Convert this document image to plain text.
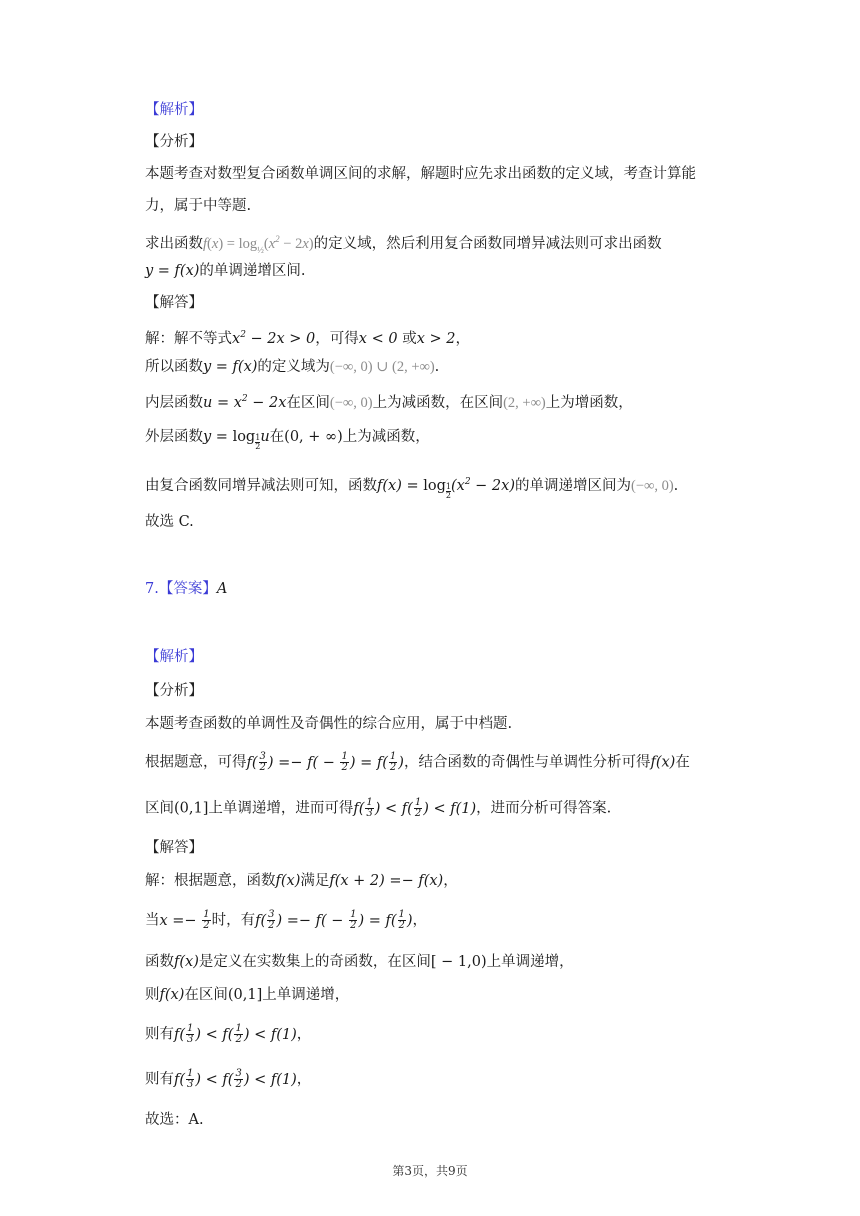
【解析】
【分析】
本题考查对数型复合函数单调区间的求解，解题时应先求出函数的定义域，考查计算能
力，属于中等题.
求出函数$f(x) = \log_{\frac{1}{2}}(x^2 - 2x)$的定义域，然后利用复合函数同增异减法则可求出函数
y = f(x)的单调递增区间.
【解答】
解：解不等式$x^2 - 2x > 0$，可得x < 0 或x > 2，
所以函数y = f(x)的定义域为(−∞, 0) ∪ (2, +∞).
内层函数$u = x^2 - 2x$在区间(−∞, 0)上为减函数，在区间(2, +∞)上为增函数，
外层函数$y = \log \frac{1}{2}$ u在(0, + ∞)上为减函数，
由复合函数同增异减法则可知，函数$f(x) = \log \frac{1}{2} (x^2 - 2x)$的单调递增区间为(−∞, 0).
故选 C.
7.【答案】A
【解析】
【分析】
本题考查函数的单调性及奇偶性的综合应用，属于中档题.
根据题意，可得$f( \frac{3}{2}$ ) =− $f( - \frac{1}{2}$ ) = $f( \frac{1}{2}$ )，结合函数的奇偶性与单调性分析可得f(x)在
区间(0,1]上单调递增，进而可得$f( \frac{1}{3}$ ) < $f( \frac{1}{2}$ ) < f(1)，进而分析可得答案.
【解答】
解：根据题意，函数f(x)满足f(x + 2) =− f(x)，
当$x =- \frac{1}{2}$ 时，有$f( \frac{3}{2}$ ) =− $f( - \frac{1}{2}$ ) = $f( \frac{1}{2}$ )，
函数f(x)是定义在实数集上的奇函数，在区间[ − 1,0)上单调递增，
则f(x)在区间(0,1]上单调递增，
则有$f( \frac{1}{3}$ ) < $f( \frac{1}{2}$ ) < f(1)，
则有$f( \frac{1}{3}$ ) < $f( \frac{3}{2}$ ) < f(1)，
故选：A.
第3页，共9页
